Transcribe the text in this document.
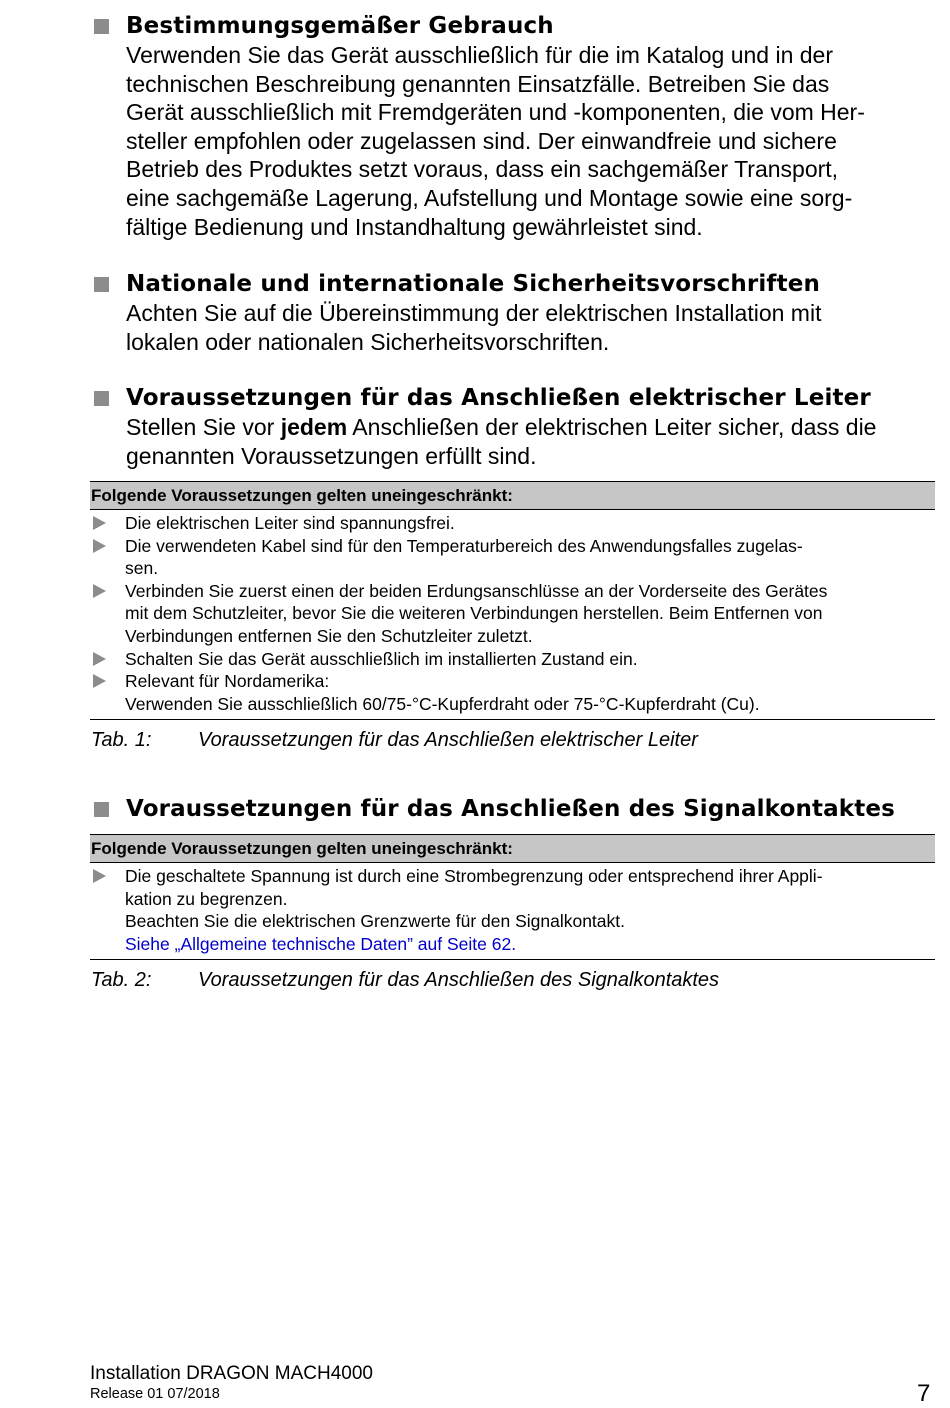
Bestimmungsgemäßer Gebrauch
Verwenden Sie das Gerät ausschließlich für die im Katalog und in der
technischen Beschreibung genannten Einsatzfälle. Betreiben Sie das
Gerät ausschließlich mit Fremdgeräten und -komponenten, die vom Her-
steller empfohlen oder zugelassen sind. Der einwandfreie und sichere
Betrieb des Produktes setzt voraus, dass ein sachgemäßer Transport,
eine sachgemäße Lagerung, Aufstellung und Montage sowie eine sorg-
fältige Bedienung und Instandhaltung gewährleistet sind.
Nationale und internationale Sicherheitsvorschriften
Achten Sie auf die Übereinstimmung der elektrischen Installation mit
lokalen oder nationalen Sicherheitsvorschriften.
Voraussetzungen für das Anschließen elektrischer Leiter
Stellen Sie vor jedem Anschließen der elektrischen Leiter sicher, dass die
genannten Voraussetzungen erfüllt sind.
Folgende Voraussetzungen gelten uneingeschränkt:
Die elektrischen Leiter sind spannungsfrei.
Die verwendeten Kabel sind für den Temperaturbereich des Anwendungsfalles zugelas-
sen.
Verbinden Sie zuerst einen der beiden Erdungsanschlüsse an der Vorderseite des Gerätes
mit dem Schutzleiter, bevor Sie die weiteren Verbindungen herstellen. Beim Entfernen von
Verbindungen entfernen Sie den Schutzleiter zuletzt.
Schalten Sie das Gerät ausschließlich im installierten Zustand ein.
Relevant für Nordamerika:
Verwenden Sie ausschließlich 60/75-°C-Kupferdraht oder 75-°C-Kupferdraht (Cu).
Tab. 1: Voraussetzungen für das Anschließen elektrischer Leiter
Voraussetzungen für das Anschließen des Signalkontaktes
Folgende Voraussetzungen gelten uneingeschränkt:
Die geschaltete Spannung ist durch eine Strombegrenzung oder entsprechend ihrer Appli-
kation zu begrenzen.
Beachten Sie die elektrischen Grenzwerte für den Signalkontakt.
Siehe „Allgemeine technische Daten” auf Seite 62.
Tab. 2: Voraussetzungen für das Anschließen des Signalkontaktes
Installation DRAGON MACH4000
Release 01 07/2018	7
